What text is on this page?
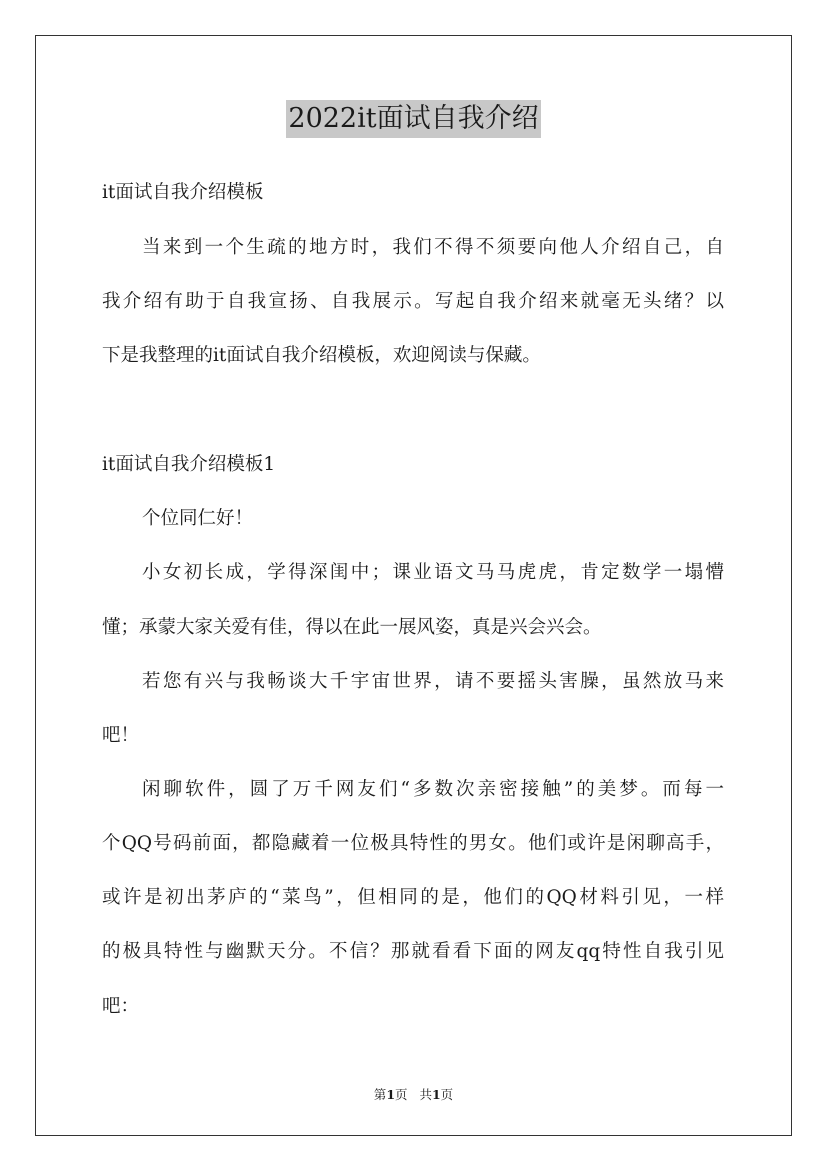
2022it面试自我介绍
it面试自我介绍模板
当来到一个生疏的地方时，我们不得不须要向他人介绍自己，自
我介绍有助于自我宣扬、自我展示。写起自我介绍来就毫无头绪？以
下是我整理的it面试自我介绍模板，欢迎阅读与保藏。
it面试自我介绍模板1
个位同仁好！
小女初长成，学得深闺中；课业语文马马虎虎，肯定数学一塌懵
懂；承蒙大家关爱有佳，得以在此一展风姿，真是兴会兴会。
若您有兴与我畅谈大千宇宙世界，请不要摇头害臊，虽然放马来
吧！
闲聊软件，圆了万千网友们“多数次亲密接触”的美梦。而每一
个QQ号码前面，都隐藏着一位极具特性的男女。他们或许是闲聊高手，
或许是初出茅庐的“菜鸟”，但相同的是，他们的QQ材料引见，一样
的极具特性与幽默天分。不信？那就看看下面的网友qq特性自我引见
吧：
第1页 共1页
